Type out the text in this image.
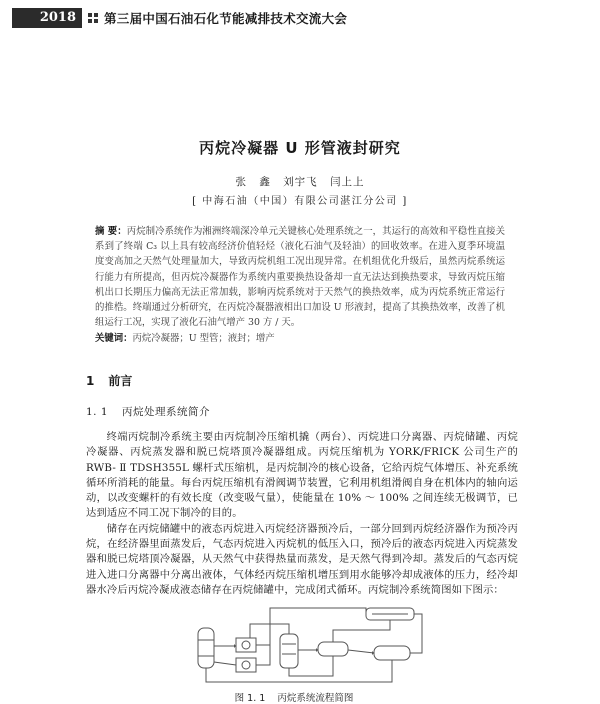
2018	第三届中国石油石化节能减排技术交流大会
丙烷冷凝器 U 形管液封研究
张 鑫 刘宇飞 闫上上
[ 中海石油（中国）有限公司湛江分公司 ]
摘 要：丙烷制冷系统作为湘洲终端深冷单元关键核心处理系统之一，其运行的高效和平稳性直接关系到了终端 C₃ 以上具有较高经济价值轻烃（液化石油气及轻油）的回收效率。在进入夏季环境温度变高加之天然气处理量加大，导致丙烷机组工况出现异常。在机组优化升级后，虽然丙烷系统运行能力有所提高，但丙烷冷凝器作为系统内重要换热设备却一直无法达到换热要求，导致丙烷压缩机出口长期压力偏高无法正常加载，影响丙烷系统对于天然气的换热效率，成为丙烷系统正常运行的推梏。终端通过分析研究，在丙烷冷凝器液相出口加设 U 形液封，提高了其换热效率，改善了机组运行工况，实现了液化石油气增产 30 方 / 天。
关键词：丙烷冷凝器；U 型管；液封；增产
1 前言
1. 1 丙烷处理系统简介

终端丙烷制冷系统主要由丙烷制冷压缩机撬（两台）、丙烷进口分离器、丙烷储罐、丙烷冷凝器、丙烷蒸发器和脱已烷塔顶冷凝器组成。丙烷压缩机为 YORK/FRICK 公司生产的 RWB- Ⅱ TDSH355L 螺杆式压缩机，是丙烷制冷的核心设备，它给丙烷气体增压、补充系统循环所消耗的能量。每台丙烷压缩机有滑阀调节装置，它利用机组滑阀自身在机体内的轴向运动，以改变螺杆的有效长度（改变吸气量），使能量在 10% ～ 100% 之间连续无极调节，已达到适应不同工况下制冷的目的。

储存在丙烷储罐中的液态丙烷进入丙烷经济器预冷后，一部分回到丙烷经济器作为预冷丙烷，在经济器里面蒸发后，气态丙烷进入丙烷机的低压入口，预冷后的液态丙烷进入丙烷蒸发器和脱已烷塔顶冷凝器，从天然气中获得热量而蒸发，是天然气得到冷却。蒸发后的气态丙烷进入进口分离器中分离出液体，气体经丙烷压缩机增压到用水能够冷却成液体的压力，经冷却器水冷后丙烷冷凝成液态储存在丙烷储罐中，完成闭式循环。丙烷制冷系统简图如下图示：

图 1. 1 丙烷系统流程简图
